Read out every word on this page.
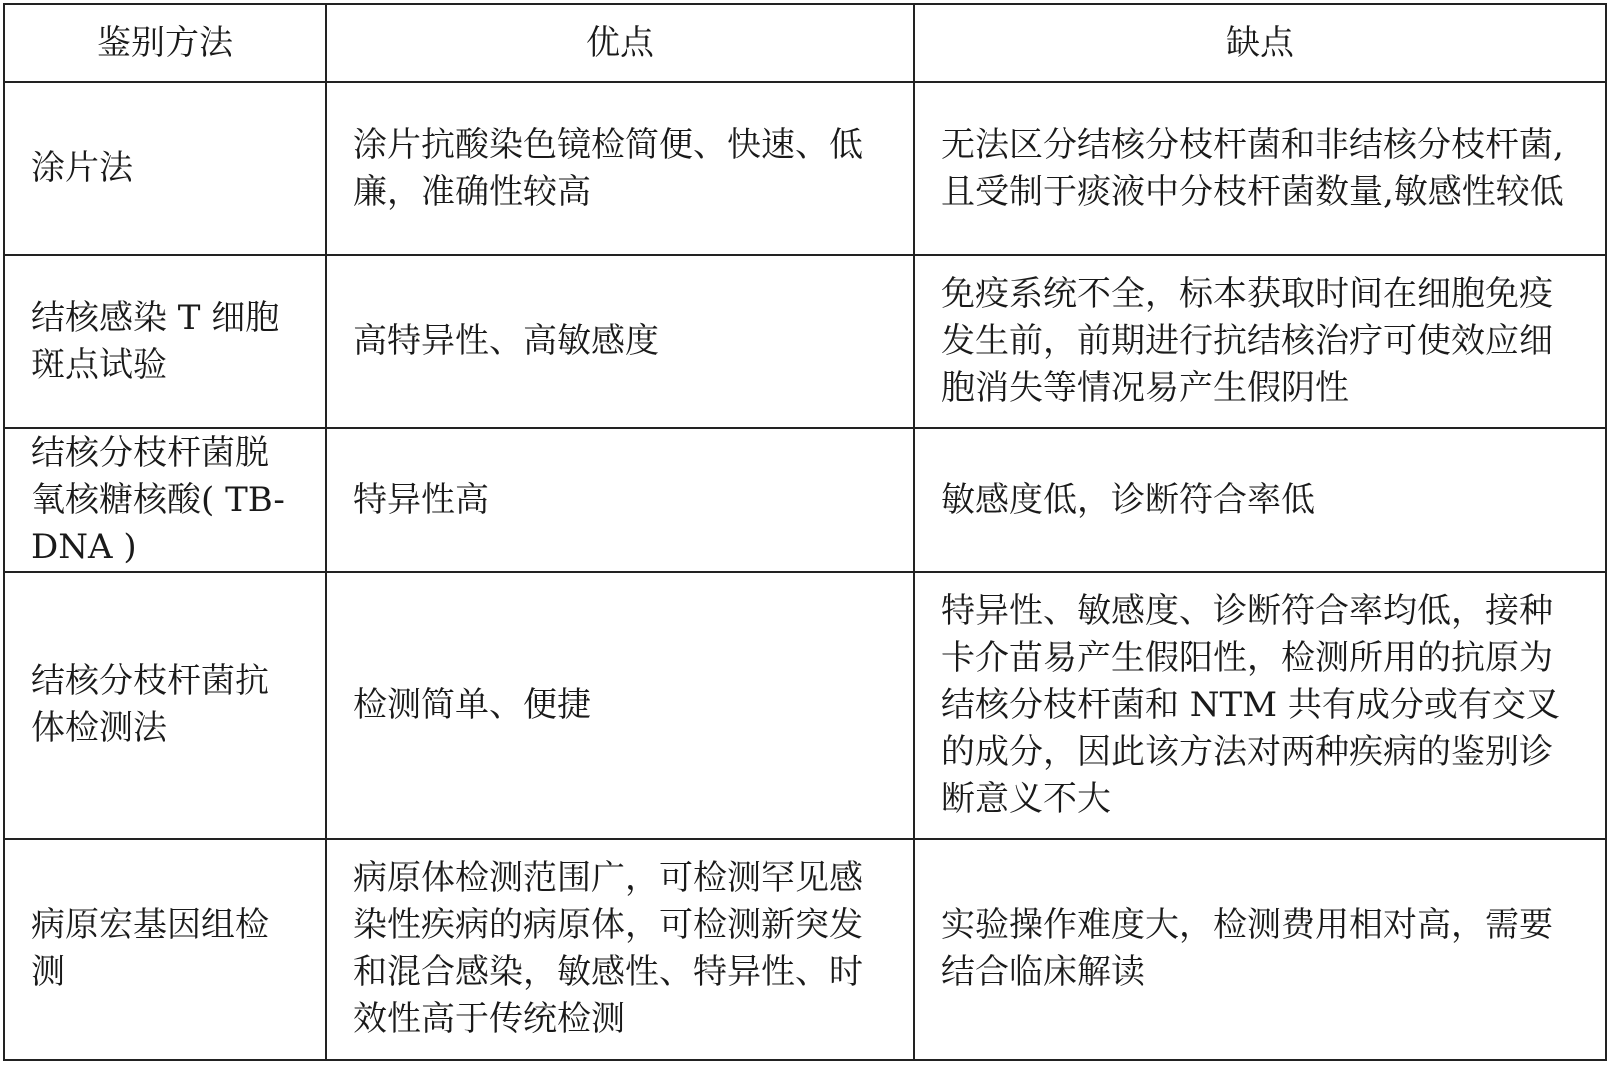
鉴别方法	优点	缺点
涂片法	涂片抗酸染色镜检简便、快速、低廉，准确性较高	无法区分结核分枝杆菌和非结核分枝杆菌,且受制于痰液中分枝杆菌数量,敏感性较低
结核感染 T 细胞斑点试验	高特异性、高敏感度	免疫系统不全，标本获取时间在细胞免疫发生前，前期进行抗结核治疗可使效应细胞消失等情况易产生假阴性
结核分枝杆菌脱氧核糖核酸( TB-DNA )	特异性高	敏感度低，诊断符合率低
结核分枝杆菌抗体检测法	检测简单、便捷	特异性、敏感度、诊断符合率均低，接种卡介苗易产生假阳性，检测所用的抗原为结核分枝杆菌和 NTM 共有成分或有交叉的成分，因此该方法对两种疾病的鉴别诊断意义不大
病原宏基因组检测	病原体检测范围广，可检测罕见感染性疾病的病原体，可检测新突发和混合感染，敏感性、特异性、时效性高于传统检测	实验操作难度大，检测费用相对高，需要结合临床解读
